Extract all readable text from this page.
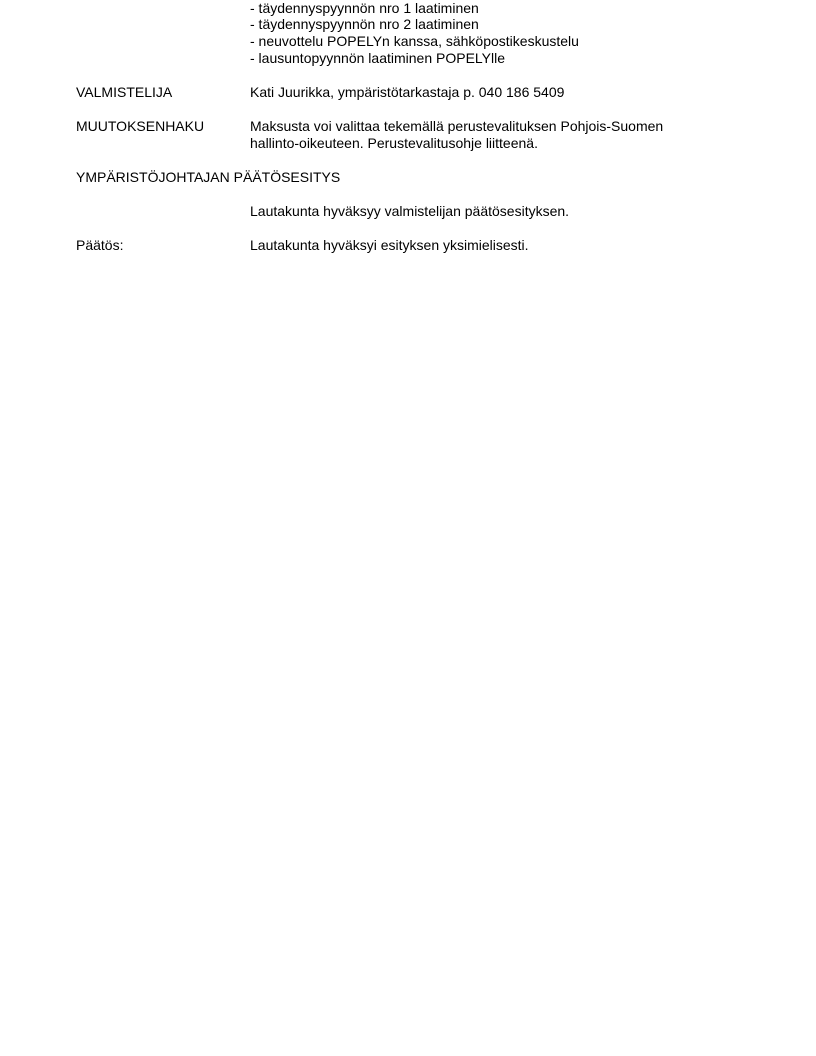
- täydennyspyynnön nro 1 laatiminen
- täydennyspyynnön nro 2 laatiminen
- neuvottelu POPELYn kanssa, sähköpostikeskustelu
- lausuntopyynnön laatiminen POPELYlle
VALMISTELIJA	Kati Juurikka, ympäristötarkastaja p. 040 186 5409
MUUTOKSENHAKU	Maksusta voi valittaa tekemällä perustevalituksen Pohjois-Suomen
hallinto-oikeuteen. Perustevalitusohje liitteenä.
YMPÄRISTÖJOHTAJAN PÄÄTÖSESITYS
Lautakunta hyväksyy valmistelijan päätösesityksen.
Päätös:	Lautakunta hyväksyi esityksen yksimielisesti.
